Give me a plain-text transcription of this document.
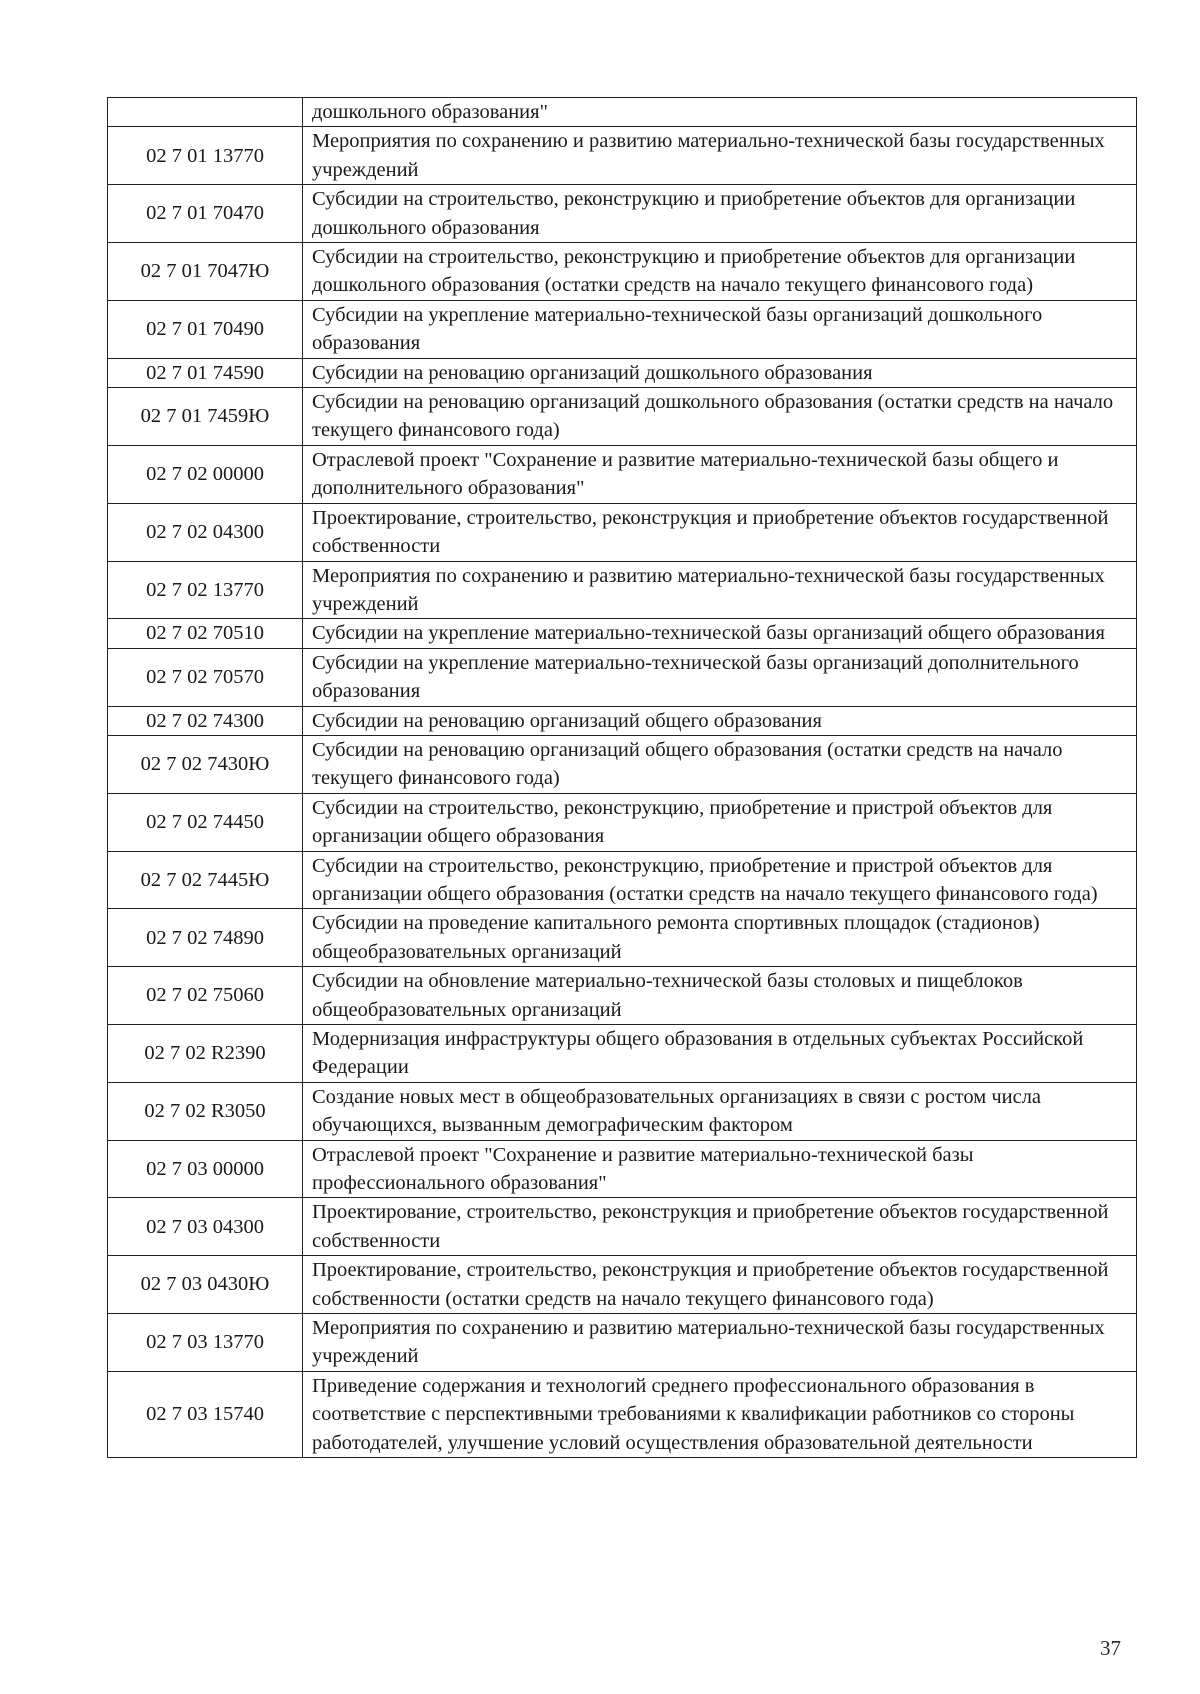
	дошкольного образования"
02 7 01 13770	Мероприятия по сохранению и развитию материально-технической базы государственных учреждений
02 7 01 70470	Субсидии на строительство, реконструкцию и приобретение объектов для организации дошкольного образования
02 7 01 7047Ю	Субсидии на строительство, реконструкцию и приобретение объектов для организации дошкольного образования (остатки средств на начало текущего финансового года)
02 7 01 70490	Субсидии на укрепление материально-технической базы организаций дошкольного образования
02 7 01 74590	Субсидии на реновацию организаций дошкольного образования
02 7 01 7459Ю	Субсидии на реновацию организаций дошкольного образования (остатки средств на начало текущего финансового года)
02 7 02 00000	Отраслевой проект "Сохранение и развитие материально-технической базы общего и дополнительного образования"
02 7 02 04300	Проектирование, строительство, реконструкция и приобретение объектов государственной собственности
02 7 02 13770	Мероприятия по сохранению и развитию материально-технической базы государственных учреждений
02 7 02 70510	Субсидии на укрепление материально-технической базы организаций общего образования
02 7 02 70570	Субсидии на укрепление материально-технической базы организаций дополнительного образования
02 7 02 74300	Субсидии на реновацию организаций общего образования
02 7 02 7430Ю	Субсидии на реновацию организаций общего образования (остатки средств на начало текущего финансового года)
02 7 02 74450	Субсидии на строительство, реконструкцию, приобретение и пристрой объектов для организации общего образования
02 7 02 7445Ю	Субсидии на строительство, реконструкцию, приобретение и пристрой объектов для организации общего образования (остатки средств на начало текущего финансового года)
02 7 02 74890	Субсидии на проведение капитального ремонта спортивных площадок (стадионов) общеобразовательных организаций
02 7 02 75060	Субсидии на обновление материально-технической базы столовых и пищеблоков общеобразовательных организаций
02 7 02 R2390	Модернизация инфраструктуры общего образования в отдельных субъектах Российской Федерации
02 7 02 R3050	Создание новых мест в общеобразовательных организациях в связи с ростом числа обучающихся, вызванным демографическим фактором
02 7 03 00000	Отраслевой проект "Сохранение и развитие материально-технической базы профессионального образования"
02 7 03 04300	Проектирование, строительство, реконструкция и приобретение объектов государственной собственности
02 7 03 0430Ю	Проектирование, строительство, реконструкция и приобретение объектов государственной собственности (остатки средств на начало текущего финансового года)
02 7 03 13770	Мероприятия по сохранению и развитию материально-технической базы государственных учреждений
02 7 03 15740	Приведение содержания и технологий среднего профессионального образования в соответствие с перспективными требованиями к квалификации работников со стороны работодателей, улучшение условий осуществления образовательной деятельности
37
